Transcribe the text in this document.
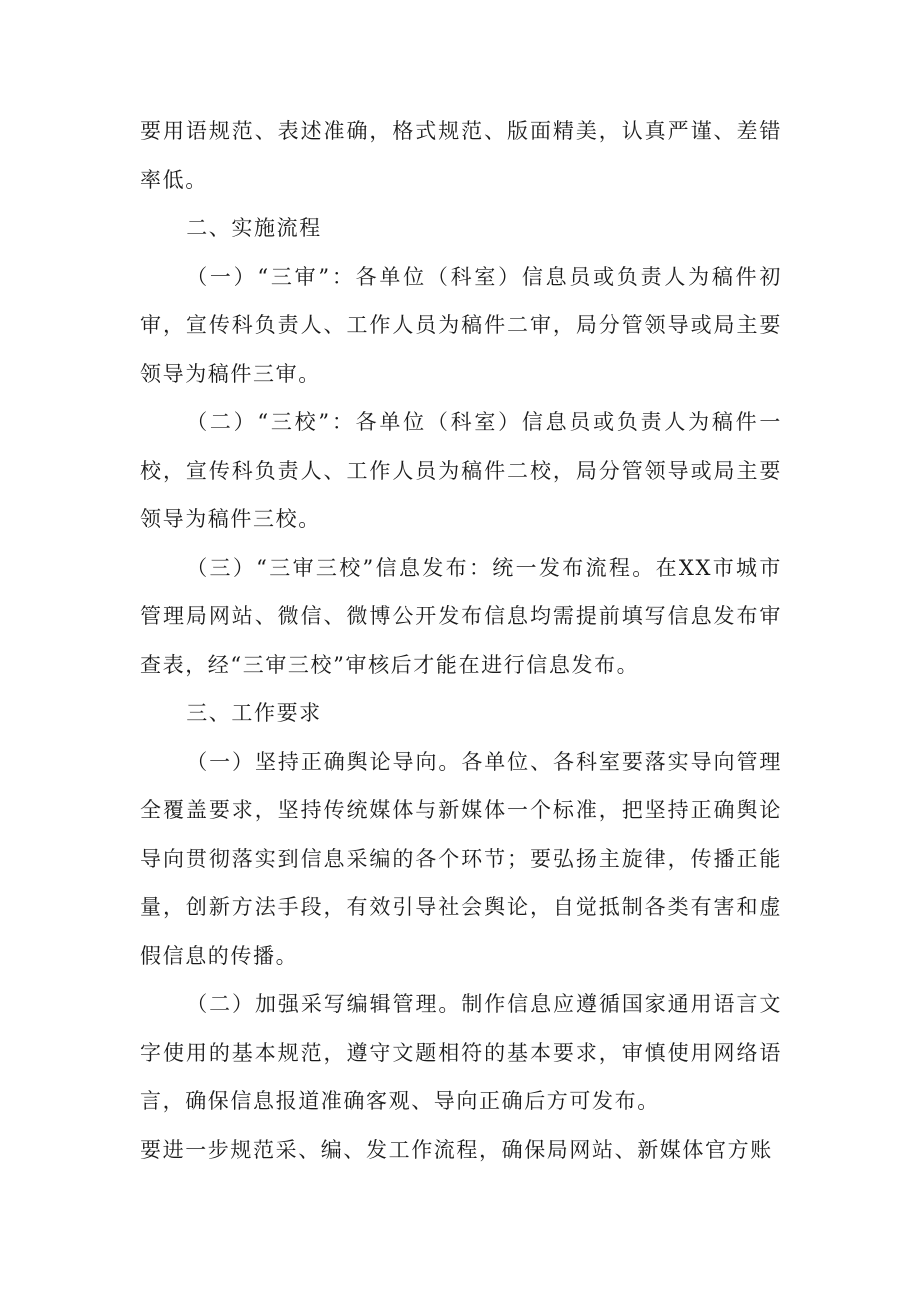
要用语规范、表述准确，格式规范、版面精美，认真严谨、差错率低。

二、实施流程

（一）“三审”：各单位（科室）信息员或负责人为稿件初审，宣传科负责人、工作人员为稿件二审，局分管领导或局主要领导为稿件三审。

（二）“三校”：各单位（科室）信息员或负责人为稿件一校，宣传科负责人、工作人员为稿件二校，局分管领导或局主要领导为稿件三校。

（三）“三审三校”信息发布：统一发布流程。在XX市城市管理局网站、微信、微博公开发布信息均需提前填写信息发布审查表，经“三审三校”审核后才能在进行信息发布。

三、工作要求

（一）坚持正确舆论导向。各单位、各科室要落实导向管理全覆盖要求，坚持传统媒体与新媒体一个标准，把坚持正确舆论导向贯彻落实到信息采编的各个环节；要弘扬主旋律，传播正能量，创新方法手段，有效引导社会舆论，自觉抵制各类有害和虚假信息的传播。

（二）加强采写编辑管理。制作信息应遵循国家通用语言文字使用的基本规范，遵守文题相符的基本要求，审慎使用网络语言，确保信息报道准确客观、导向正确后方可发布。

要进一步规范采、编、发工作流程，确保局网站、新媒体官方账
